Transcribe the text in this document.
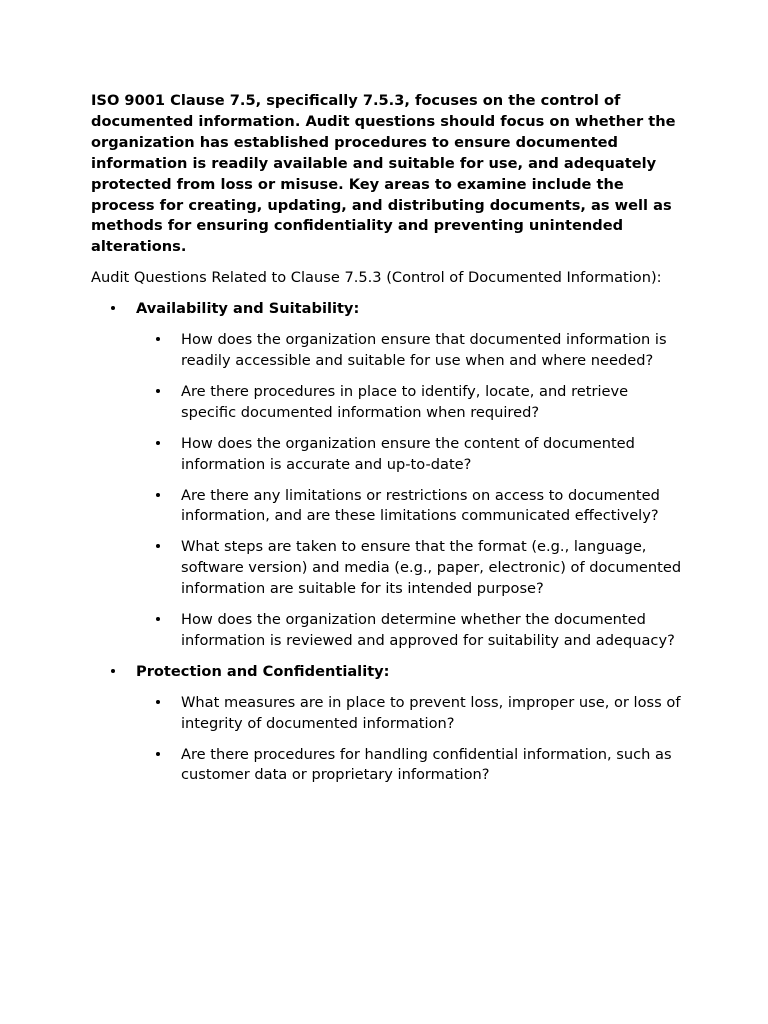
ISO 9001 Clause 7.5, specifically 7.5.3, focuses on the control of documented information. Audit questions should focus on whether the organization has established procedures to ensure documented information is readily available and suitable for use, and adequately protected from loss or misuse. Key areas to examine include the process for creating, updating, and distributing documents, as well as methods for ensuring confidentiality and preventing unintended alterations.

Audit Questions Related to Clause 7.5.3 (Control of Documented Information):

Availability and Suitability:
How does the organization ensure that documented information is readily accessible and suitable for use when and where needed?
Are there procedures in place to identify, locate, and retrieve specific documented information when required?
How does the organization ensure the content of documented information is accurate and up-to-date?
Are there any limitations or restrictions on access to documented information, and are these limitations communicated effectively?
What steps are taken to ensure that the format (e.g., language, software version) and media (e.g., paper, electronic) of documented information are suitable for its intended purpose?
How does the organization determine whether the documented information is reviewed and approved for suitability and adequacy?
Protection and Confidentiality:
What measures are in place to prevent loss, improper use, or loss of integrity of documented information?
Are there procedures for handling confidential information, such as customer data or proprietary information?
